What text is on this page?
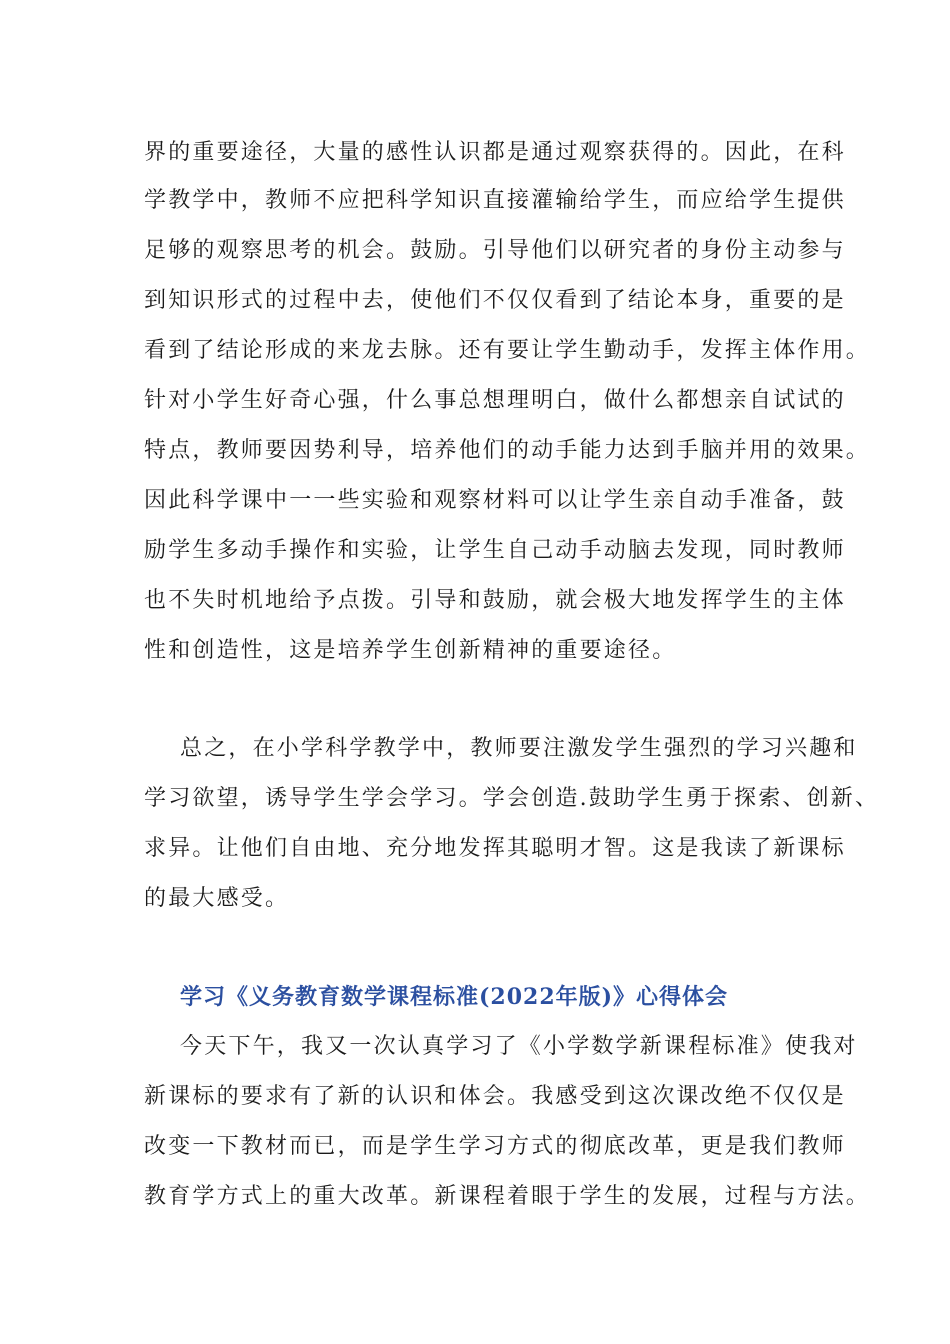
界的重要途径，大量的感性认识都是通过观察获得的。因此，在科
学教学中，教师不应把科学知识直接灌输给学生，而应给学生提供
足够的观察思考的机会。鼓励。引导他们以研究者的身份主动参与
到知识形式的过程中去，使他们不仅仅看到了结论本身，重要的是
看到了结论形成的来龙去脉。还有要让学生勤动手，发挥主体作用。
针对小学生好奇心强，什么事总想理明白，做什么都想亲自试试的
特点，教师要因势利导，培养他们的动手能力达到手脑并用的效果。
因此科学课中一一些实验和观察材料可以让学生亲自动手准备，鼓
励学生多动手操作和实验，让学生自己动手动脑去发现，同时教师
也不失时机地给予点拨。引导和鼓励，就会极大地发挥学生的主体
性和创造性，这是培养学生创新精神的重要途径。
总之，在小学科学教学中，教师要注激发学生强烈的学习兴趣和
学习欲望，诱导学生学会学习。学会创造.鼓助学生勇于探索、创新、
求异。让他们自由地、充分地发挥其聪明才智。这是我读了新课标
的最大感受。
学习《义务教育数学课程标准(2022年版)》心得体会
今天下午，我又一次认真学习了《小学数学新课程标准》使我对
新课标的要求有了新的认识和体会。我感受到这次课改绝不仅仅是
改变一下教材而已，而是学生学习方式的彻底改革，更是我们教师
教育学方式上的重大改革。新课程着眼于学生的发展，过程与方法。
